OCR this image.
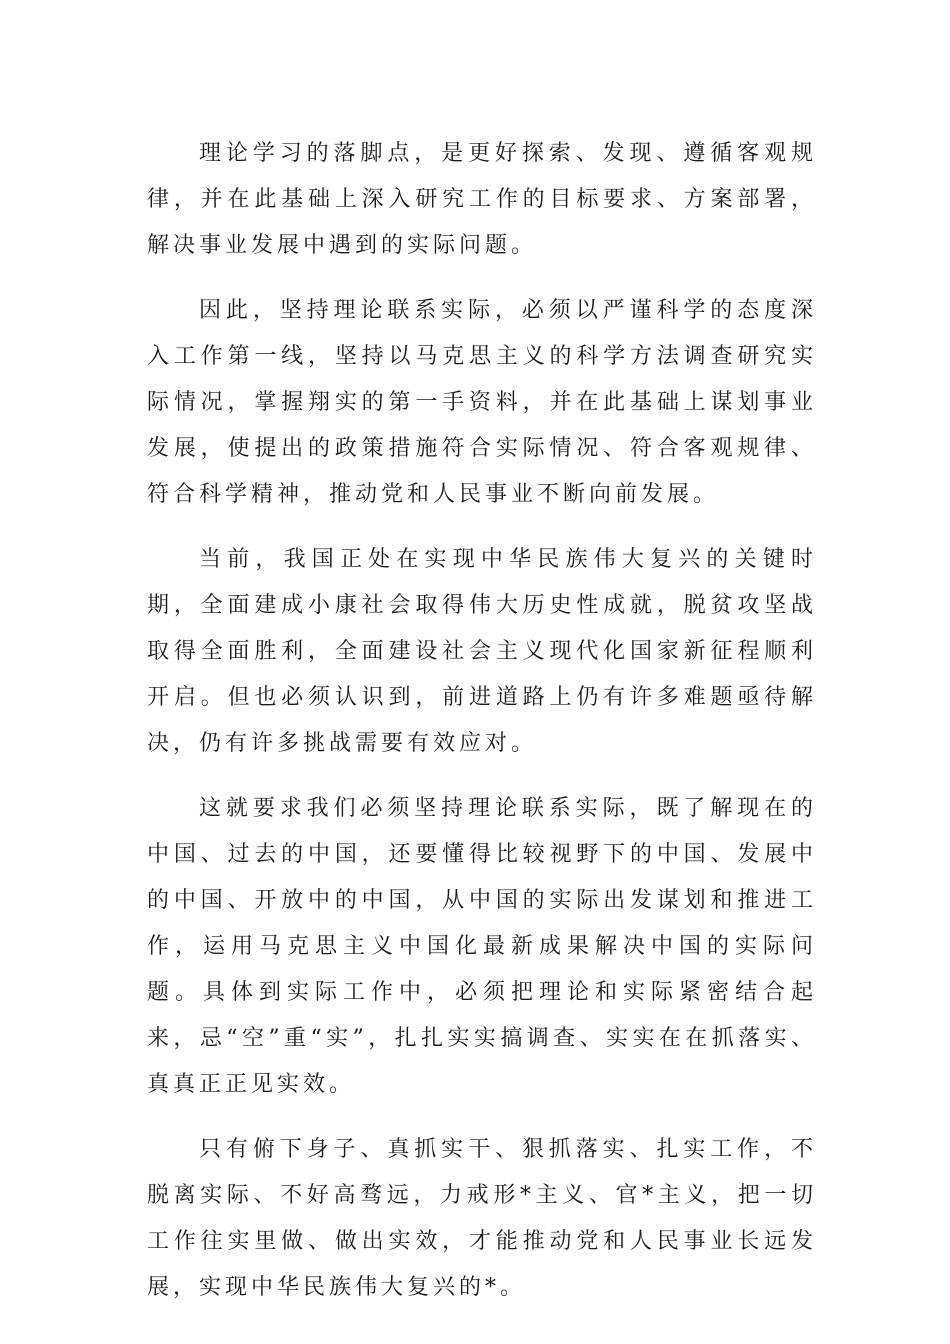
理论学习的落脚点，是更好探索、发现、遵循客观规律，并在此基础上深入研究工作的目标要求、方案部署，解决事业发展中遇到的实际问题。

因此，坚持理论联系实际，必须以严谨科学的态度深入工作第一线，坚持以马克思主义的科学方法调查研究实际情况，掌握翔实的第一手资料，并在此基础上谋划事业发展，使提出的政策措施符合实际情况、符合客观规律、符合科学精神，推动党和人民事业不断向前发展。

当前，我国正处在实现中华民族伟大复兴的关键时期，全面建成小康社会取得伟大历史性成就，脱贫攻坚战取得全面胜利，全面建设社会主义现代化国家新征程顺利开启。但也必须认识到，前进道路上仍有许多难题亟待解决，仍有许多挑战需要有效应对。

这就要求我们必须坚持理论联系实际，既了解现在的中国、过去的中国，还要懂得比较视野下的中国、发展中的中国、开放中的中国，从中国的实际出发谋划和推进工作，运用马克思主义中国化最新成果解决中国的实际问题。具体到实际工作中，必须把理论和实际紧密结合起来，忌“空”重“实”，扎扎实实搞调查、实实在在抓落实、真真正正见实效。

只有俯下身子、真抓实干、狠抓落实、扎实工作，不脱离实际、不好高骛远，力戒形*主义、官*主义，把一切工作往实里做、做出实效，才能推动党和人民事业长远发展，实现中华民族伟大复兴的*。
